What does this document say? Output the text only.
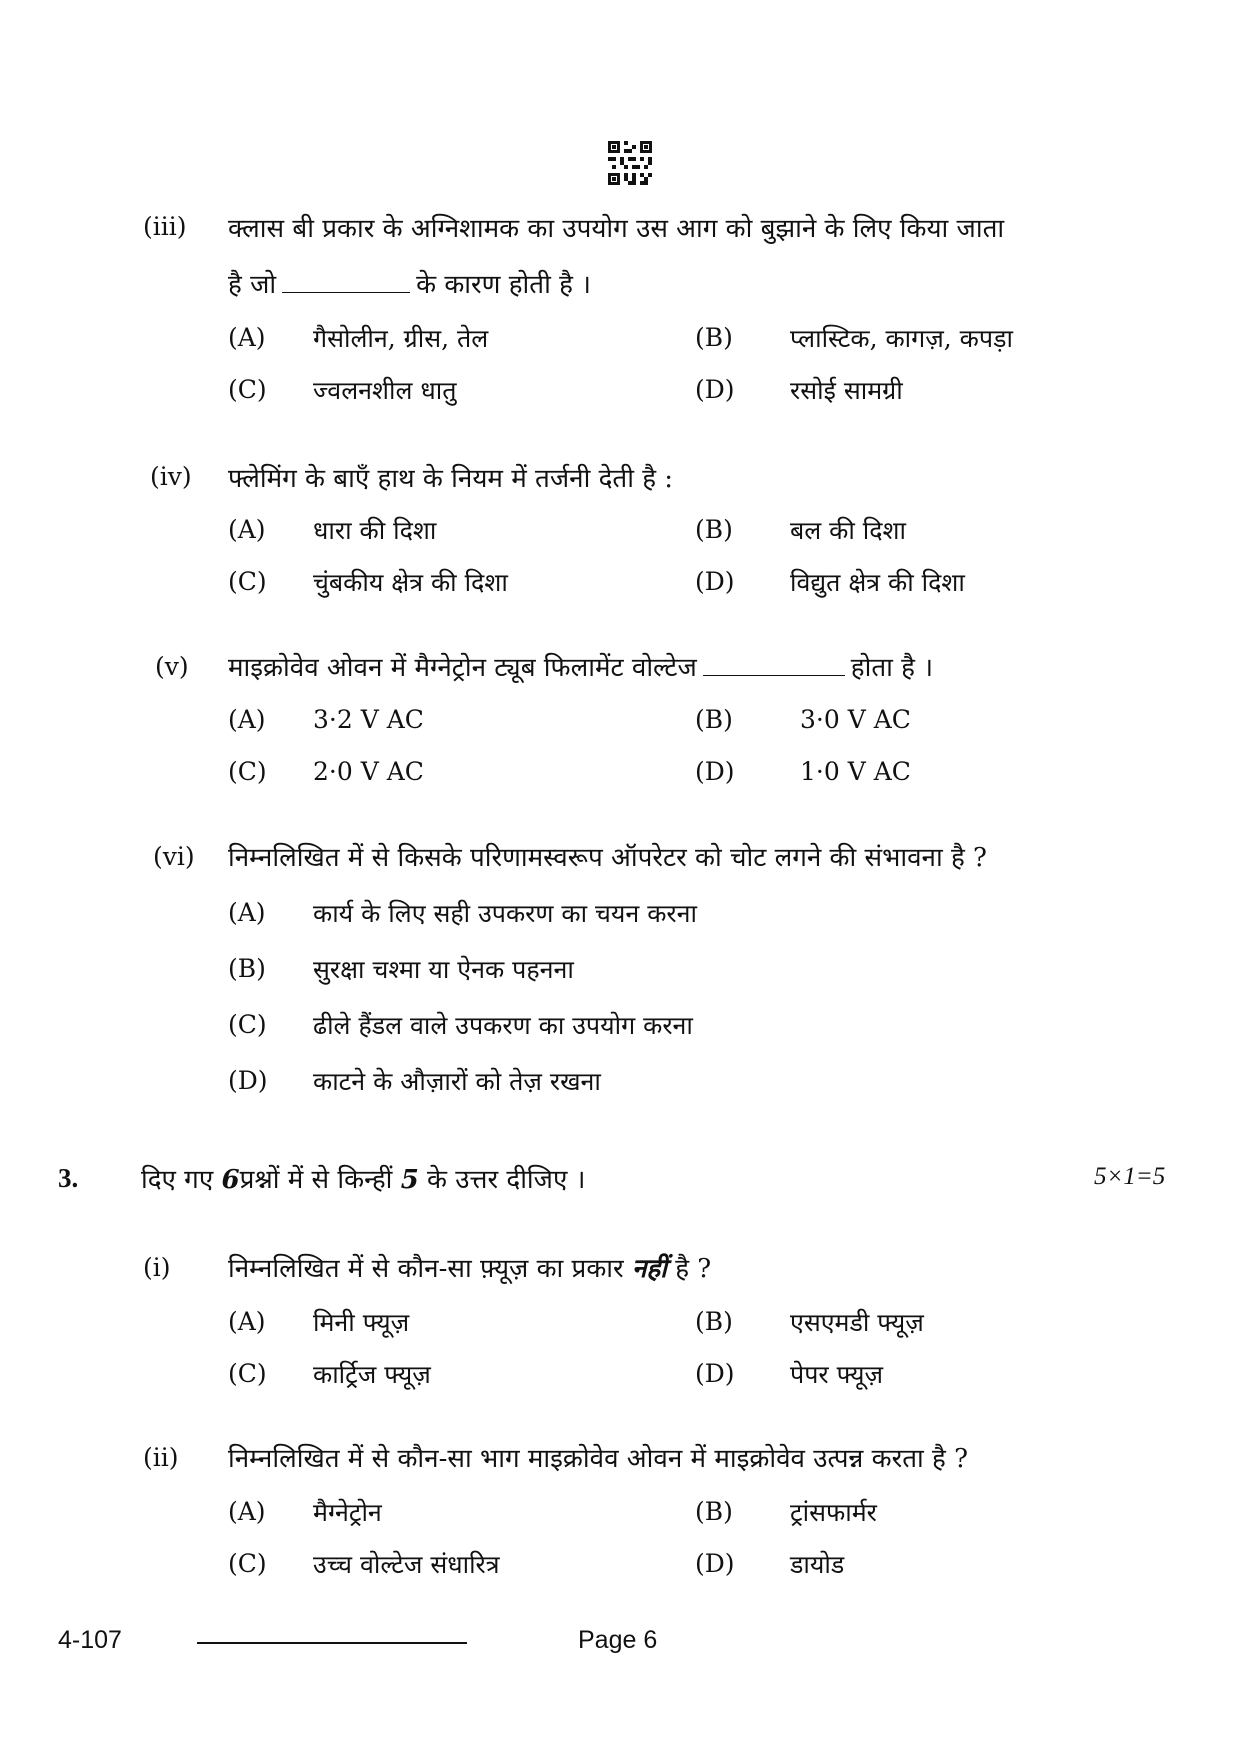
(iii) क्लास बी प्रकार के अग्निशामक का उपयोग उस आग को बुझाने के लिए किया जाता
है जो	के कारण होती है ।
(A) गैसोलीन, ग्रीस, तेल	(B) प्लास्टिक, कागज़, कपड़ा
(C) ज्वलनशील धातु	(D) रसोई सामग्री
(iv) फ्लेमिंग के बाएँ हाथ के नियम में तर्जनी देती है :
(A) धारा की दिशा	(B) बल की दिशा
(C) चुंबकीय क्षेत्र की दिशा	(D) विद्युत क्षेत्र की दिशा
(v) माइक्रोवेव ओवन में मैग्नेट्रोन ट्यूब फिलामेंट वोल्टेज	होता है ।
(A) 3·2 V AC	(B)	3·0 V AC
(C) 2·0 V AC	(D)	1·0 V AC
(vi) निम्नलिखित में से किसके परिणामस्वरूप ऑपरेटर को चोट लगने की संभावना है ?
(A) कार्य के लिए सही उपकरण का चयन करना
(B) सुरक्षा चश्मा या ऐनक पहनना
(C) ढीले हैंडल वाले उपकरण का उपयोग करना
(D) काटने के औज़ारों को तेज़ रखना
3. दिए गए 6प्रश्नों में से किन्हीं 5 के उत्तर दीजिए ।	5×1=5
(i) निम्नलिखित में से कौन-सा फ़्यूज़ का प्रकार नहीं है ?
(A) मिनी फ्यूज़	(B) एसएमडी फ्यूज़
(C) कार्ट्रिज फ्यूज़	(D) पेपर फ्यूज़
(ii) निम्नलिखित में से कौन-सा भाग माइक्रोवेव ओवन में माइक्रोवेव उत्पन्न करता है ?
(A) मैग्नेट्रोन	(B) ट्रांसफार्मर
(C) उच्च वोल्टेज संधारित्र	(D) डायोड
4-107	Page 6
